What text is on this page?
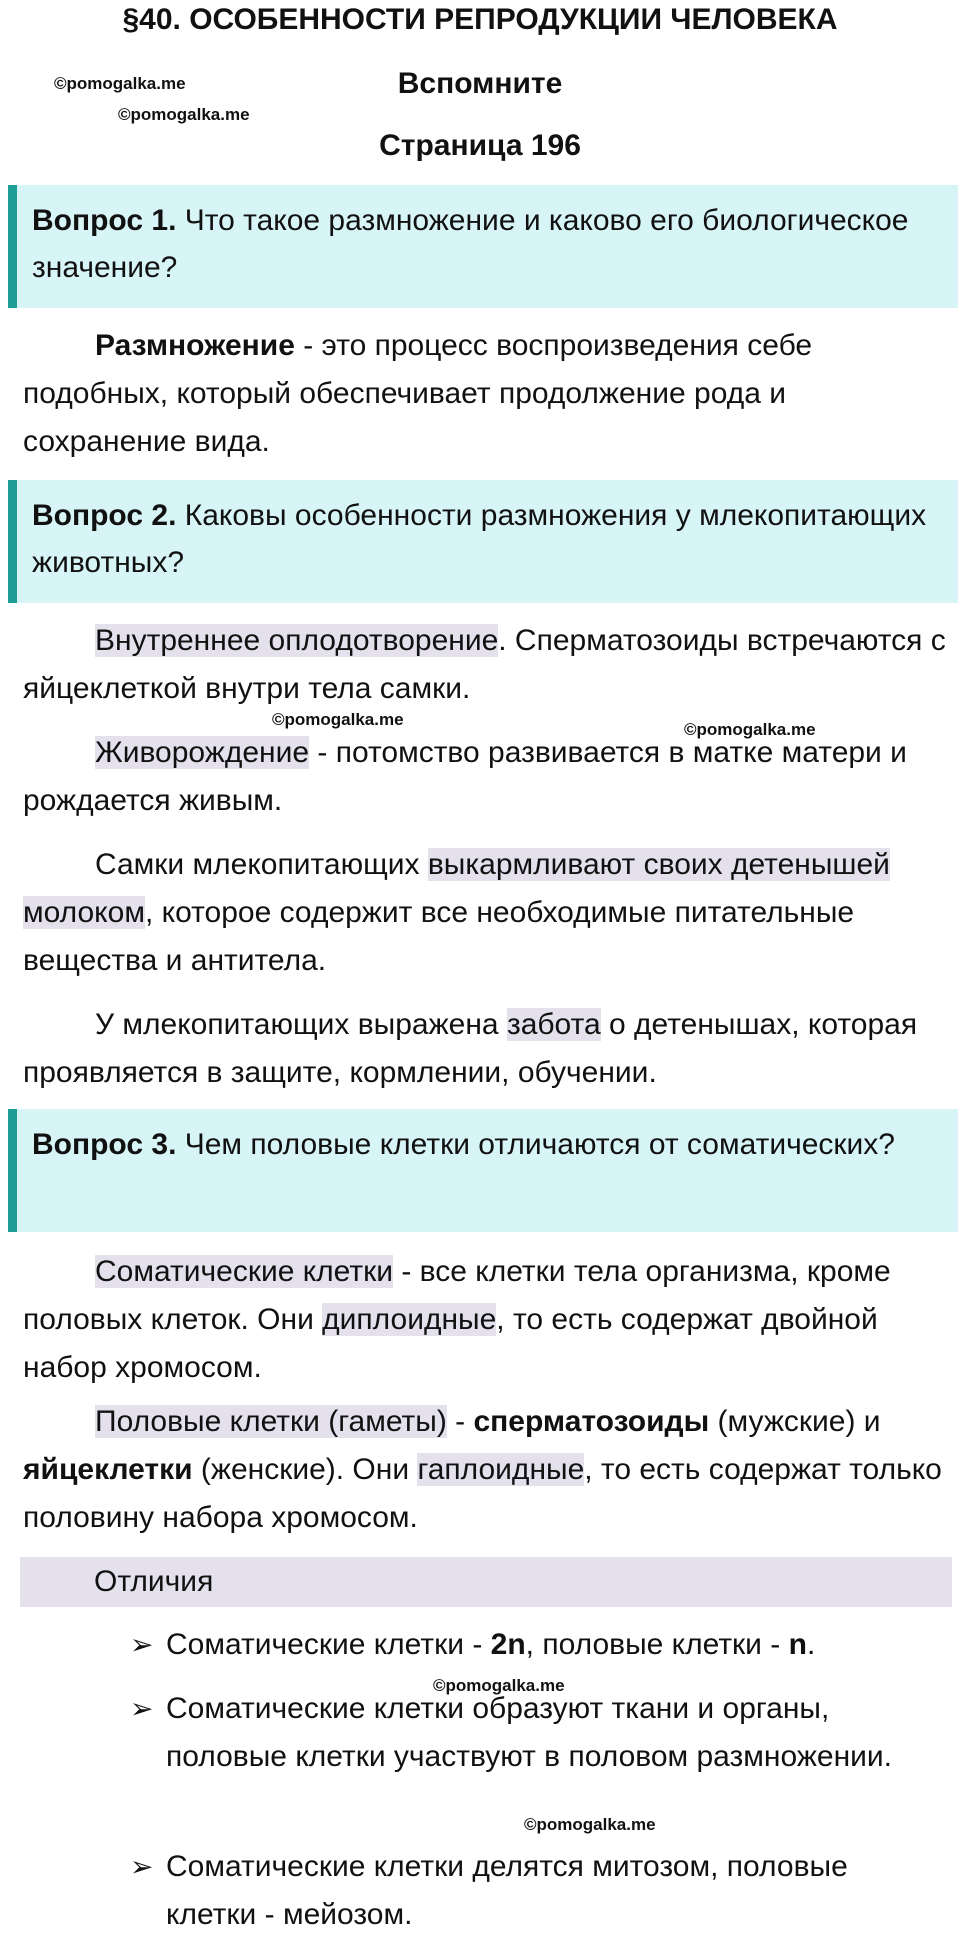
§40. ОСОБЕННОСТИ РЕПРОДУКЦИИ ЧЕЛОВЕКА
Вспомните
Страница 196
©pomogalka.me
©pomogalka.me
©pomogalka.me
©pomogalka.me
©pomogalka.me
©pomogalka.me
Вопрос 1. Что такое размножение и каково его биологическое значение?
Размножение - это процесс воспроизведения себе подобных, который обеспечивает продолжение рода и сохранение вида.
Вопрос 2. Каковы особенности размножения у млекопитающих животных?
Внутреннее оплодотворение. Сперматозоиды встречаются с яйцеклеткой внутри тела самки.
Живорождение - потомство развивается в матке матери и рождается живым.
Самки млекопитающих выкармливают своих детенышей молоком, которое содержит все необходимые питательные вещества и антитела.
У млекопитающих выражена забота о детенышах, которая проявляется в защите, кормлении, обучении.
Вопрос 3. Чем половые клетки отличаются от соматических?
Соматические клетки - все клетки тела организма, кроме половых клеток. Они диплоидные, то есть содержат двойной набор хромосом.
Половые клетки (гаметы) - сперматозоиды (мужские) и яйцеклетки (женские). Они гаплоидные, то есть содержат только половину набора хромосом.
Отличия
➢ Соматические клетки - 2n, половые клетки - n.
➢ Соматические клетки образуют ткани и органы, половые клетки участвуют в половом размножении.
➢ Соматические клетки делятся митозом, половые клетки - мейозом.
